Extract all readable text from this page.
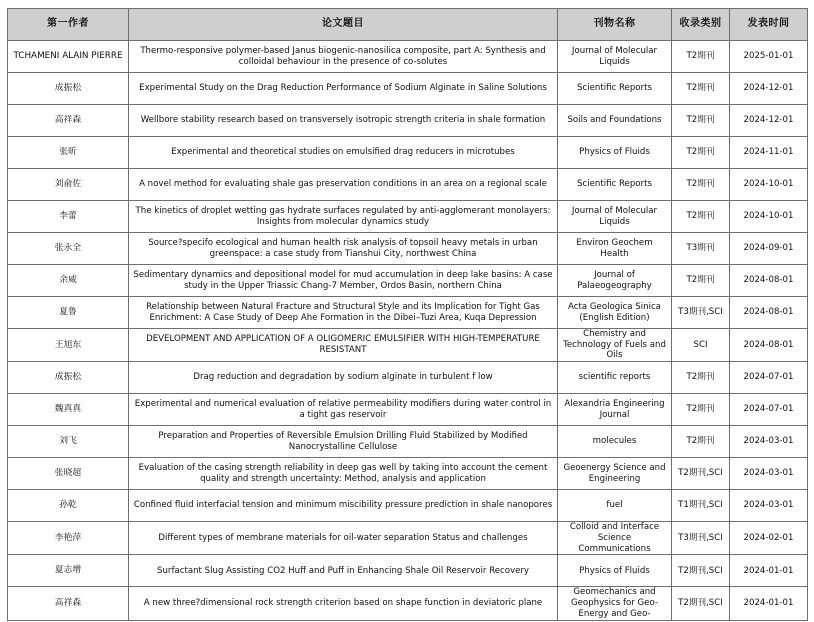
第一作者	论文题目	刊物名称	收录类别	发表时间
TCHAMENI ALAIN PIERRE	Thermo-responsive polymer-based Janus biogenic-nanosilica composite, part A: Synthesis and colloidal behaviour in the presence of co-solutes	Journal of Molecular Liquids	T2期刊	2025-01-01
成振松	Experimental Study on the Drag Reduction Performance of Sodium Alginate in Saline Solutions	Scientific Reports	T2期刊	2024-12-01
高祥森	Wellbore stability research based on transversely isotropic strength criteria in shale formation	Soils and Foundations	T2期刊	2024-12-01
张昕	Experimental and theoretical studies on emulsified drag reducers in microtubes	Physics of Fluids	T2期刊	2024-11-01
刘俞佐	A novel method for evaluating shale gas preservation conditions in an area on a regional scale	Scientific Reports	T2期刊	2024-10-01
李蕾	The kinetics of droplet wetting gas hydrate surfaces regulated by anti-agglomerant monolayers: Insights from molecular dynamics study	Journal of Molecular Liquids	T2期刊	2024-10-01
张永全	Source?specifo ecological and human health risk analysis of topsoil heavy metals in urban greenspace: a case study from Tianshui City, northwest China	Environ Geochem Health	T3期刊	2024-09-01
余威	Sedimentary dynamics and depositional model for mud accumulation in deep lake basins: A case study in the Upper Triassic Chang-7 Member, Ordos Basin, northern China	Journal of Palaeogeography	T2期刊	2024-08-01
夏鲁	Relationship between Natural Fracture and Structural Style and its Implication for Tight Gas Enrichment: A Case Study of Deep Ahe Formation in the Dibei–Tuzi Area, Kuqa Depression	Acta Geologica Sinica (English Edition)	T3期刊,SCI	2024-08-01
王旭东	DEVELOPMENT AND APPLICATION OF A OLIGOMERIC EMULSIFIER WITH HIGH-TEMPERATURE RESISTANT	Chemistry and Technology of Fuels and Oils	SCI	2024-08-01
成振松	Drag reduction and degradation by sodium alginate in turbulent f low	scientific reports	T2期刊	2024-07-01
魏真真	Experimental and numerical evaluation of relative permeability modifiers during water control in a tight gas reservoir	Alexandria Engineering Journal	T2期刊	2024-07-01
刘飞	Preparation and Properties of Reversible Emulsion Drilling Fluid Stabilized by Modified Nanocrystalline Cellulose	molecules	T2期刊	2024-03-01
张晓超	Evaluation of the casing strength reliability in deep gas well by taking into account the cement quality and strength uncertainty: Method, analysis and application	Geoenergy Science and Engineering	T2期刊,SCI	2024-03-01
孙乾	Confined fluid interfacial tension and minimum miscibility pressure prediction in shale nanopores	fuel	T1期刊,SCI	2024-03-01
李艳萍	Different types of membrane materials for oil-water separation Status and challenges	Colloid and Interface Science Communications	T3期刊,SCI	2024-02-01
夏志增	Surfactant Slug Assisting CO2 Huff and Puff in Enhancing Shale Oil Reservoir Recovery	Physics of Fluids	T2期刊,SCI	2024-01-01
高祥森	A new three?dimensional rock strength criterion based on shape function in deviatoric plane	Geomechanics and Geophysics for Geo-Energy and Geo-	T2期刊,SCI	2024-01-01
